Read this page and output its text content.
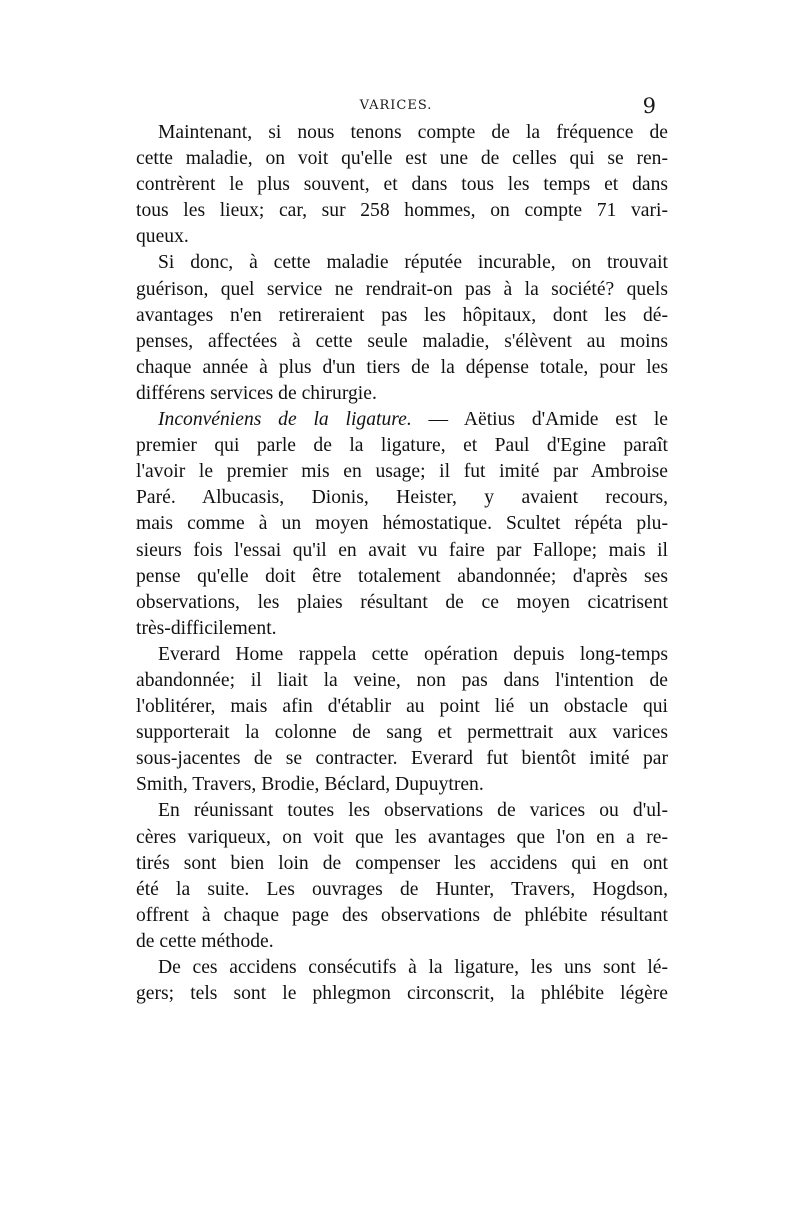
VARICES.	9

Maintenant, si nous tenons compte de la fréquence de
cette maladie, on voit qu'elle est une de celles qui se ren-
contrèrent le plus souvent, et dans tous les temps et dans
tous les lieux; car, sur 258 hommes, on compte 71 vari-
queux.

Si donc, à cette maladie réputée incurable, on trouvait
guérison, quel service ne rendrait-on pas à la société? quels
avantages n'en retireraient pas les hôpitaux, dont les dé-
penses, affectées à cette seule maladie, s'élèvent au moins
chaque année à plus d'un tiers de la dépense totale, pour les
différens services de chirurgie.

Inconvéniens de la ligature. — Aëtius d'Amide est le
premier qui parle de la ligature, et Paul d'Egine paraît
l'avoir le premier mis en usage; il fut imité par Ambroise
Paré. Albucasis, Dionis, Heister, y avaient recours,
mais comme à un moyen hémostatique. Scultet répéta plu-
sieurs fois l'essai qu'il en avait vu faire par Fallope; mais il
pense qu'elle doit être totalement abandonnée; d'après ses
observations, les plaies résultant de ce moyen cicatrisent
très-difficilement.

Everard Home rappela cette opération depuis long-temps
abandonnée; il liait la veine, non pas dans l'intention de
l'oblitérer, mais afin d'établir au point lié un obstacle qui
supporterait la colonne de sang et permettrait aux varices
sous-jacentes de se contracter. Everard fut bientôt imité par
Smith, Travers, Brodie, Béclard, Dupuytren.

En réunissant toutes les observations de varices ou d'ul-
cères variqueux, on voit que les avantages que l'on en a re-
tirés sont bien loin de compenser les accidens qui en ont
été la suite. Les ouvrages de Hunter, Travers, Hogdson,
offrent à chaque page des observations de phlébite résultant
de cette méthode.

De ces accidens consécutifs à la ligature, les uns sont lé-
gers; tels sont le phlegmon circonscrit, la phlébite légère
